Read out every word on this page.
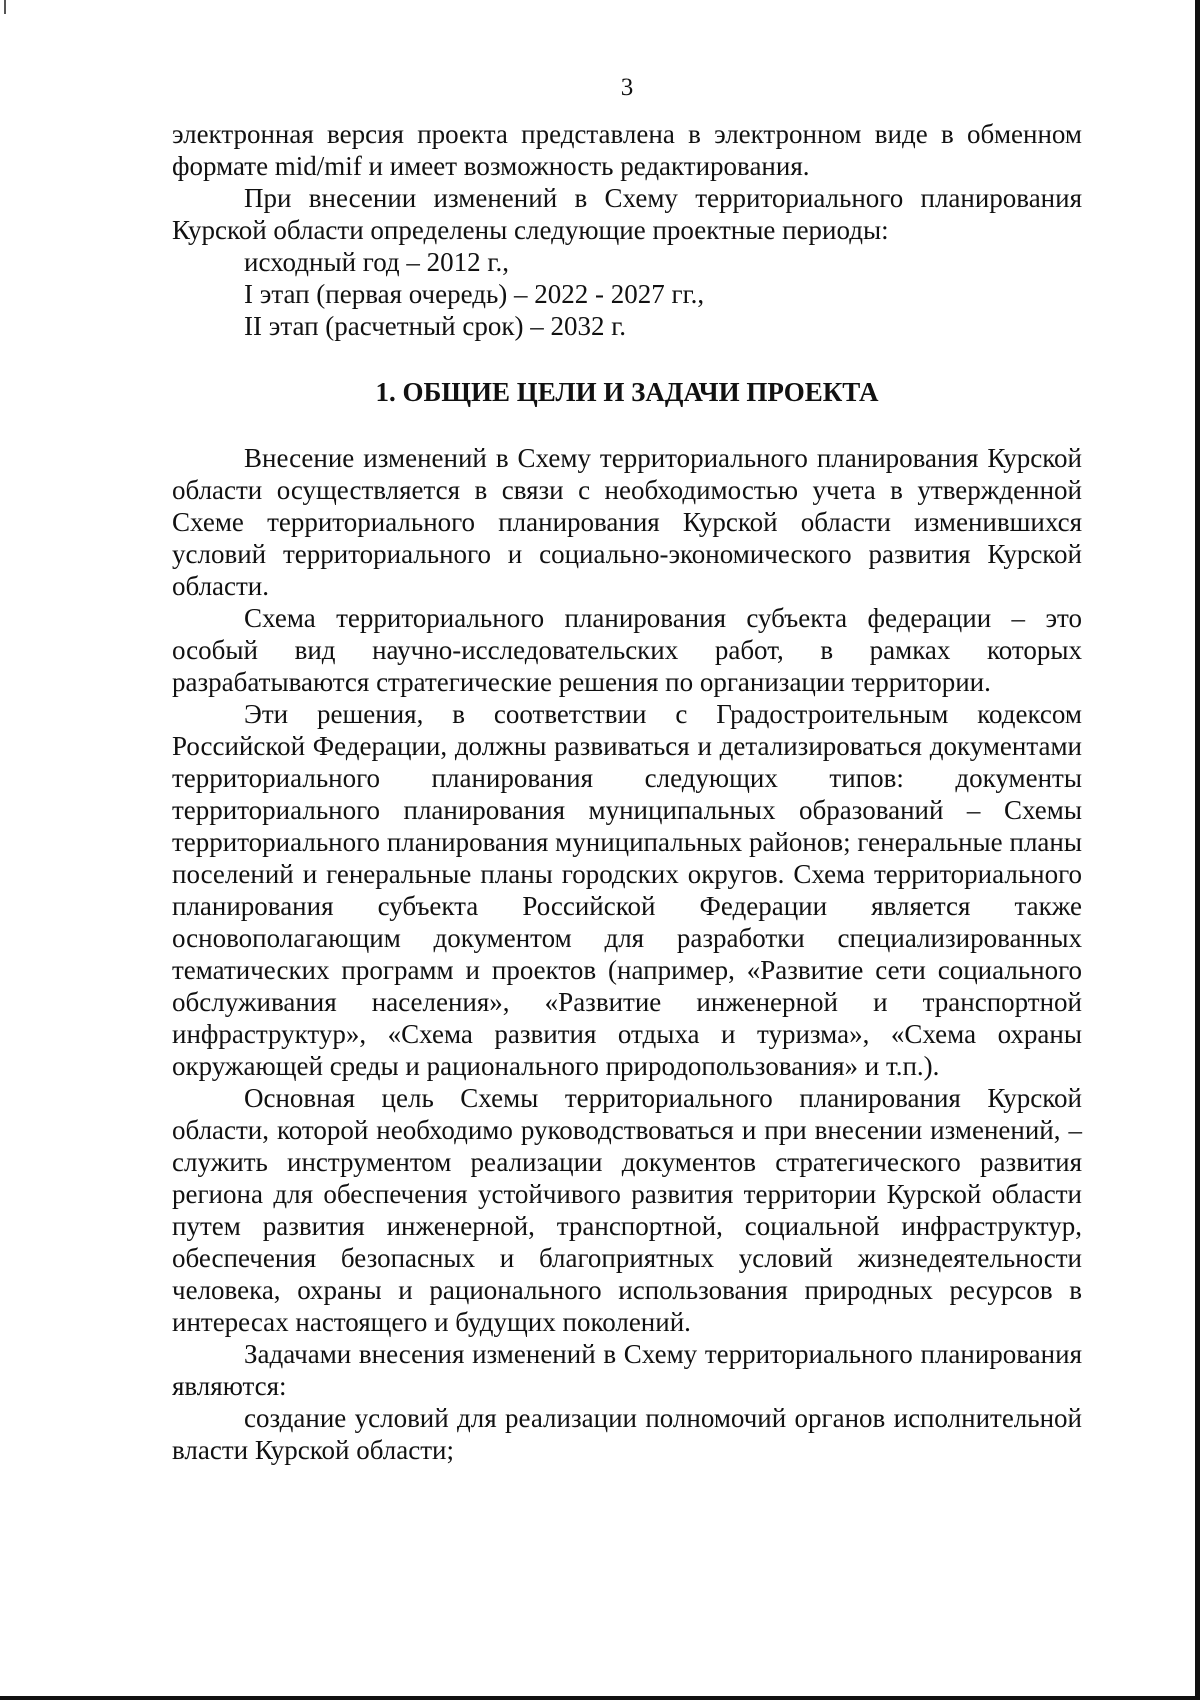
3

электронная версия проекта представлена в электронном виде в обменном формате mid/mif и имеет возможность редактирования.

При внесении изменений в Схему территориального планирования Курской области определены следующие проектные периоды:

исходный год – 2012 г.,

I этап (первая очередь) – 2022 - 2027 гг.,

II этап (расчетный срок) – 2032 г.

1. ОБЩИЕ ЦЕЛИ И ЗАДАЧИ ПРОЕКТА

Внесение изменений в Схему территориального планирования Курской области осуществляется в связи с необходимостью учета в утвержденной Схеме территориального планирования Курской области изменившихся условий территориального и социально-экономического развития Курской области.

Схема территориального планирования субъекта федерации – это особый вид научно-исследовательских работ, в рамках которых разрабатываются стратегические решения по организации территории.

Эти решения, в соответствии с Градостроительным кодексом Российской Федерации, должны развиваться и детализироваться документами территориального планирования следующих типов: документы территориального планирования муниципальных образований – Схемы территориального планирования муниципальных районов; генеральные планы поселений и генеральные планы городских округов. Схема территориального планирования субъекта Российской Федерации является также основополагающим документом для разработки специализированных тематических программ и проектов (например, «Развитие сети социального обслуживания населения», «Развитие инженерной и транспортной инфраструктур», «Схема развития отдыха и туризма», «Схема охраны окружающей среды и рационального природопользования» и т.п.).

Основная цель Схемы территориального планирования Курской области, которой необходимо руководствоваться и при внесении изменений, – служить инструментом реализации документов стратегического развития региона для обеспечения устойчивого развития территории Курской области путем развития инженерной, транспортной, социальной инфраструктур, обеспечения безопасных и благоприятных условий жизнедеятельности человека, охраны и рационального использования природных ресурсов в интересах настоящего и будущих поколений.

Задачами внесения изменений в Схему территориального планирования являются:

создание условий для реализации полномочий органов исполнительной власти Курской области;
